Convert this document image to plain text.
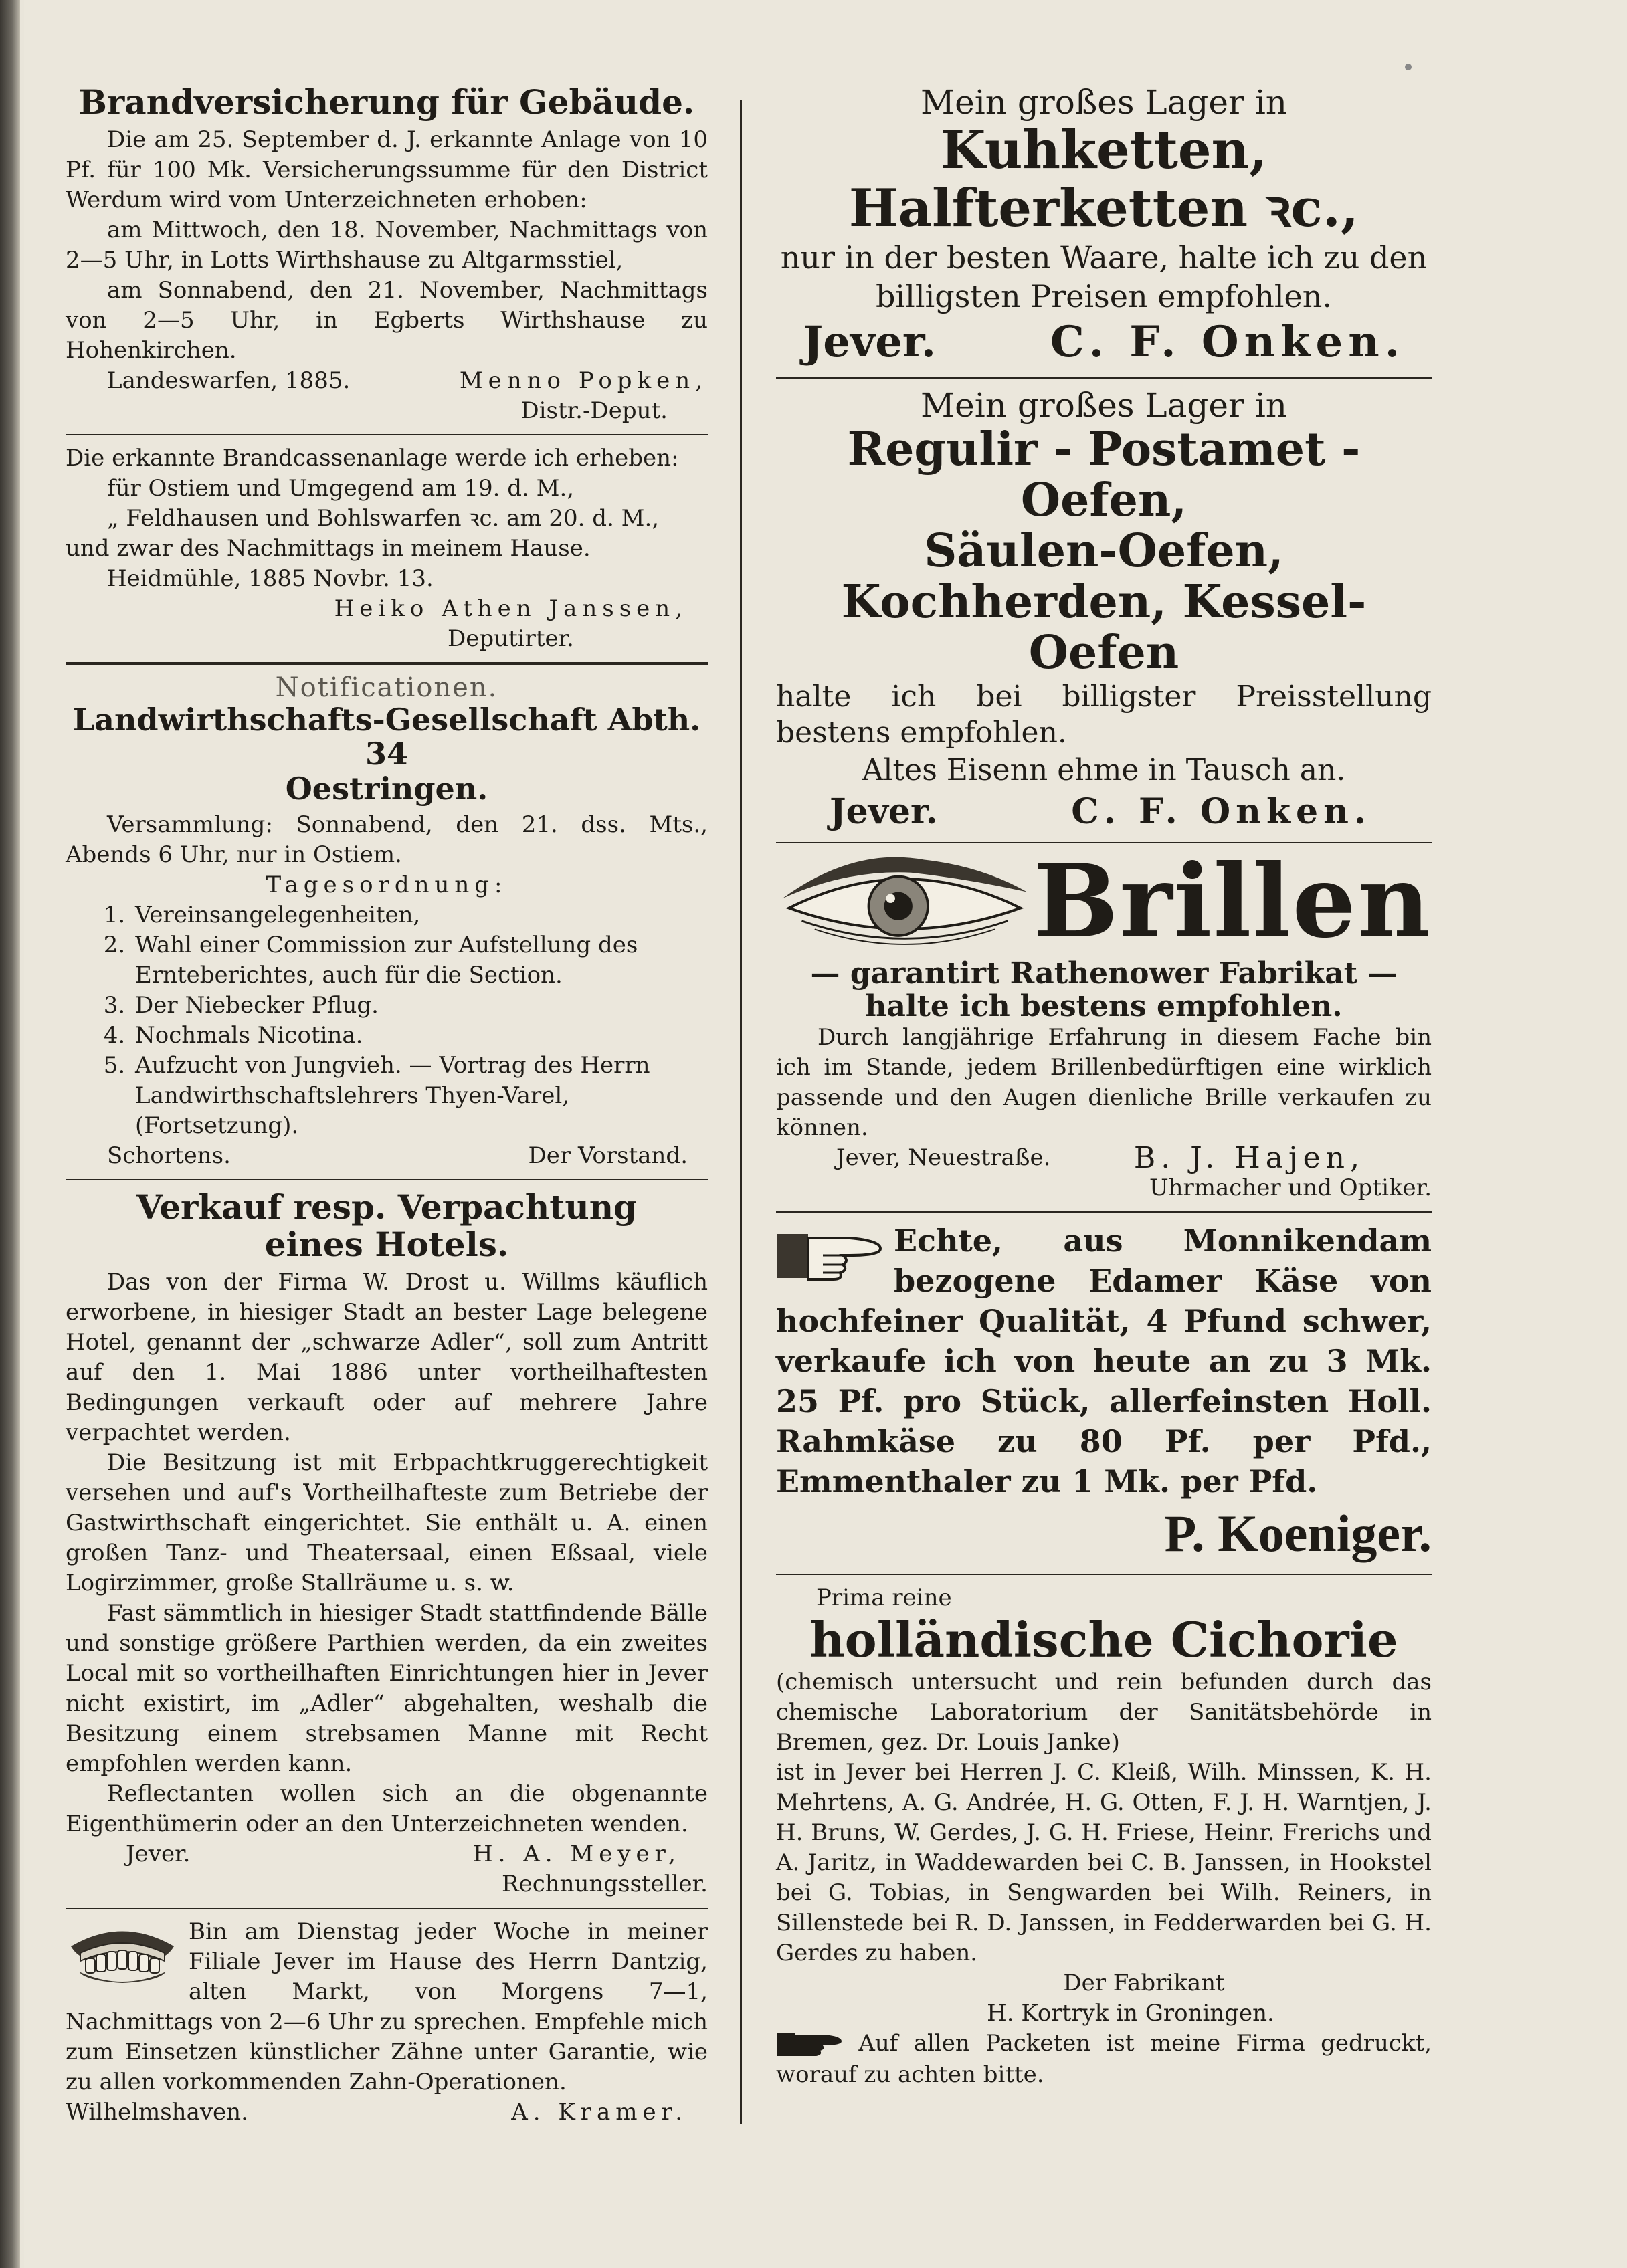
Brandversicherung für Gebäude.

Die am 25. September d. J. erkannte Anlage von 10 Pf. für 100 Mk. Versicherungssumme für den District Werdum wird vom Unterzeichneten erhoben:

am Mittwoch, den 18. November, Nachmittags von 2—5 Uhr, in Lotts Wirthshause zu Altgarmsstiel,

am Sonnabend, den 21. November, Nachmittags von 2—5 Uhr, in Egberts Wirthshause zu Hohenkirchen.

Landeswarfen, 1885.	Menno Popken,

Distr.-Deput.

Die erkannte Brandcassenanlage werde ich erheben:

für Ostiem und Umgegend am 19. d. M.,

„ Feldhausen und Bohlswarfen ꝛc. am 20. d. M.,

und zwar des Nachmittags in meinem Hause.

Heidmühle, 1885 Novbr. 13.

Heiko Athen Janssen,

Deputirter.

Notificationen.

Landwirthschafts-Gesellschaft Abth. 34

Oestringen.

Versammlung: Sonnabend, den 21. dss. Mts., Abends 6 Uhr, nur in Ostiem.

Tagesordnung:

1. Vereinsangelegenheiten,
2. Wahl einer Commission zur Aufstellung des Ernteberichtes, auch für die Section.
3. Der Niebecker Pflug.
4. Nochmals Nicotina.
5. Aufzucht von Jungvieh. — Vortrag des Herrn Landwirthschaftslehrers Thyen-Varel, (Fortsetzung).
Schortens.	Der Vorstand.

Verkauf resp. Verpachtung

eines Hotels.

Das von der Firma W. Drost u. Willms käuflich erworbene, in hiesiger Stadt an bester Lage belegene Hotel, genannt der „schwarze Adler“, soll zum Antritt auf den 1. Mai 1886 unter vortheilhaftesten Bedingungen verkauft oder auf mehrere Jahre verpachtet werden.

Die Besitzung ist mit Erbpachtkruggerechtigkeit versehen und auf's Vortheilhafteste zum Betriebe der Gastwirthschaft eingerichtet. Sie enthält u. A. einen großen Tanz- und Theatersaal, einen Eßsaal, viele Logirzimmer, große Stallräume u. s. w.

Fast sämmtlich in hiesiger Stadt stattfindende Bälle und sonstige größere Parthien werden, da ein zweites Local mit so vortheilhaften Einrichtungen hier in Jever nicht existirt, im „Adler“ abgehalten, weshalb die Besitzung einem strebsamen Manne mit Recht empfohlen werden kann.

Reflectanten wollen sich an die obgenannte Eigenthümerin oder an den Unterzeichneten wenden.

Jever.	H. A. Meyer,

Rechnungssteller.

Bin am Dienstag jeder Woche in meiner Filiale Jever im Hause des Herrn Dantzig, alten Markt, von Morgens 7—1, Nachmittags von 2—6 Uhr zu sprechen. Empfehle mich zum Einsetzen künstlicher Zähne unter Garantie, wie zu allen vorkommenden Zahn-Operationen.

Wilhelmshaven.	A. Kramer.

Mein großes Lager in

Kuhketten,

Halfterketten ꝛc.,

nur in der besten Waare, halte ich zu den billigsten Preisen empfohlen.

Jever.	C. F. Onken.

Mein großes Lager in

Regulir - Postamet - Oefen,

Säulen-Oefen,

Kochherden, Kessel-Oefen

halte ich bei billigster Preisstellung bestens empfohlen.

Altes Eisenn ehme in Tausch an.

Jever.	C. F. Onken.
Brillen

— garantirt Rathenower Fabrikat —

halte ich bestens empfohlen.

Durch langjährige Erfahrung in diesem Fache bin ich im Stande, jedem Brillenbedürftigen eine wirklich passende und den Augen dienliche Brille verkaufen zu können.

Jever, Neuestraße.	B. J. Hajen,

Uhrmacher und Optiker.

Echte, aus Monnikendam bezogene Edamer Käse von hochfeiner Qualität, 4 Pfund schwer, verkaufe ich von heute an zu 3 Mk. 25 Pf. pro Stück, allerfeinsten Holl. Rahmkäse zu 80 Pf. per Pfd., Emmenthaler zu 1 Mk. per Pfd.

P. Koeniger.

Prima reine

holländische Cichorie

(chemisch untersucht und rein befunden durch das chemische Laboratorium der Sanitätsbehörde in Bremen, gez. Dr. Louis Janke)

ist in Jever bei Herren J. C. Kleiß, Wilh. Minssen, K. H. Mehrtens, A. G. Andrée, H. G. Otten, F. J. H. Warntjen, J. H. Bruns, W. Gerdes, J. G. H. Friese, Heinr. Frerichs und A. Jaritz, in Waddewarden bei C. B. Janssen, in Hookstel bei G. Tobias, in Sengwarden bei Wilh. Reiners, in Sillenstede bei R. D. Janssen, in Fedderwarden bei G. H. Gerdes zu haben.

Der Fabrikant

H. Kortryk in Groningen.

Auf allen Packeten ist meine Firma gedruckt, worauf zu achten bitte.
